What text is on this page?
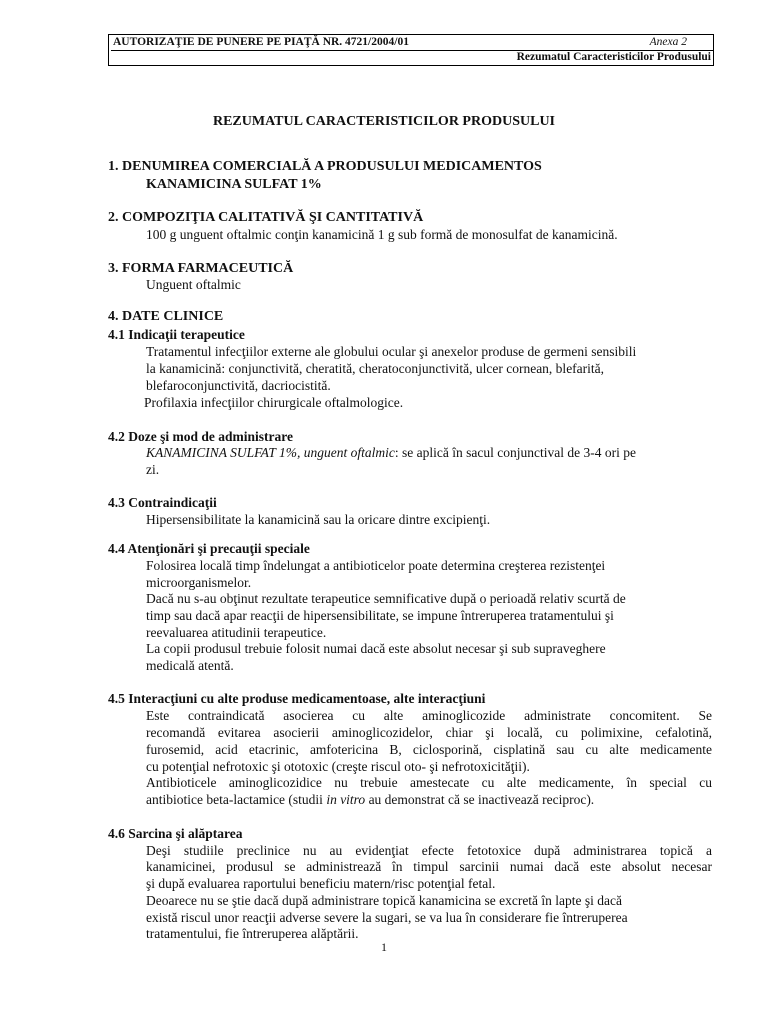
AUTORIZAŢIE DE PUNERE PE PIAŢĂ NR. 4721/2004/01	Anexa 2
Rezumatul Caracteristicilor Produsului
REZUMATUL CARACTERISTICILOR PRODUSULUI
1. DENUMIREA COMERCIALĂ A PRODUSULUI MEDICAMENTOS
KANAMICINA SULFAT 1%
2. COMPOZIŢIA CALITATIVĂ ŞI CANTITATIVĂ
100 g unguent oftalmic conţin kanamicină 1 g sub formă de monosulfat de kanamicină.
3. FORMA FARMACEUTICĂ
Unguent oftalmic
4. DATE CLINICE
4.1 Indicaţii terapeutice
Tratamentul infecţiilor externe ale globului ocular şi anexelor produse de germeni sensibili
la kanamicină: conjunctivită, cheratită, cheratoconjunctivită, ulcer cornean, blefarită,
blefaroconjunctivită, dacriocistită.
Profilaxia infecţiilor chirurgicale oftalmologice.
4.2 Doze şi mod de administrare
KANAMICINA SULFAT 1%, unguent oftalmic: se aplică în sacul conjunctival de 3-4 ori pe
zi.
4.3 Contraindicaţii
Hipersensibilitate la kanamicină sau la oricare dintre excipienţi.
4.4 Atenţionări şi precauţii speciale
Folosirea locală timp îndelungat a antibioticelor poate determina creşterea rezistenţei
microorganismelor.
Dacă nu s-au obţinut rezultate terapeutice semnificative după o perioadă relativ scurtă de
timp sau dacă apar reacţii de hipersensibilitate, se impune întreruperea tratamentului şi
reevaluarea atitudinii terapeutice.
La copii produsul trebuie folosit numai dacă este absolut necesar şi sub supraveghere
medicală atentă.
4.5 Interacţiuni cu alte produse medicamentoase, alte interacţiuni
Este contraindicată asocierea cu alte aminoglicozide administrate concomitent. Se
recomandă evitarea asocierii aminoglicozidelor, chiar şi locală, cu polimixine, cefalotină,
furosemid, acid etacrinic, amfotericina B, ciclosporină, cisplatină sau cu alte medicamente
cu potenţial nefrotoxic şi ototoxic (creşte riscul oto- şi nefrotoxicităţii).
Antibioticele aminoglicozidice nu trebuie amestecate cu alte medicamente, în special cu
antibiotice beta-lactamice (studii in vitro au demonstrat că se inactivează reciproc).
4.6 Sarcina şi alăptarea
Deşi studiile preclinice nu au evidenţiat efecte fetotoxice după administrarea topică a
kanamicinei, produsul se administrează în timpul sarcinii numai dacă este absolut necesar
şi după evaluarea raportului beneficiu matern/risc potenţial fetal.
Deoarece nu se ştie dacă după administrare topică kanamicina se excretă în lapte şi dacă
există riscul unor reacţii adverse severe la sugari, se va lua în considerare fie întreruperea
tratamentului, fie întreruperea alăptării.
1
